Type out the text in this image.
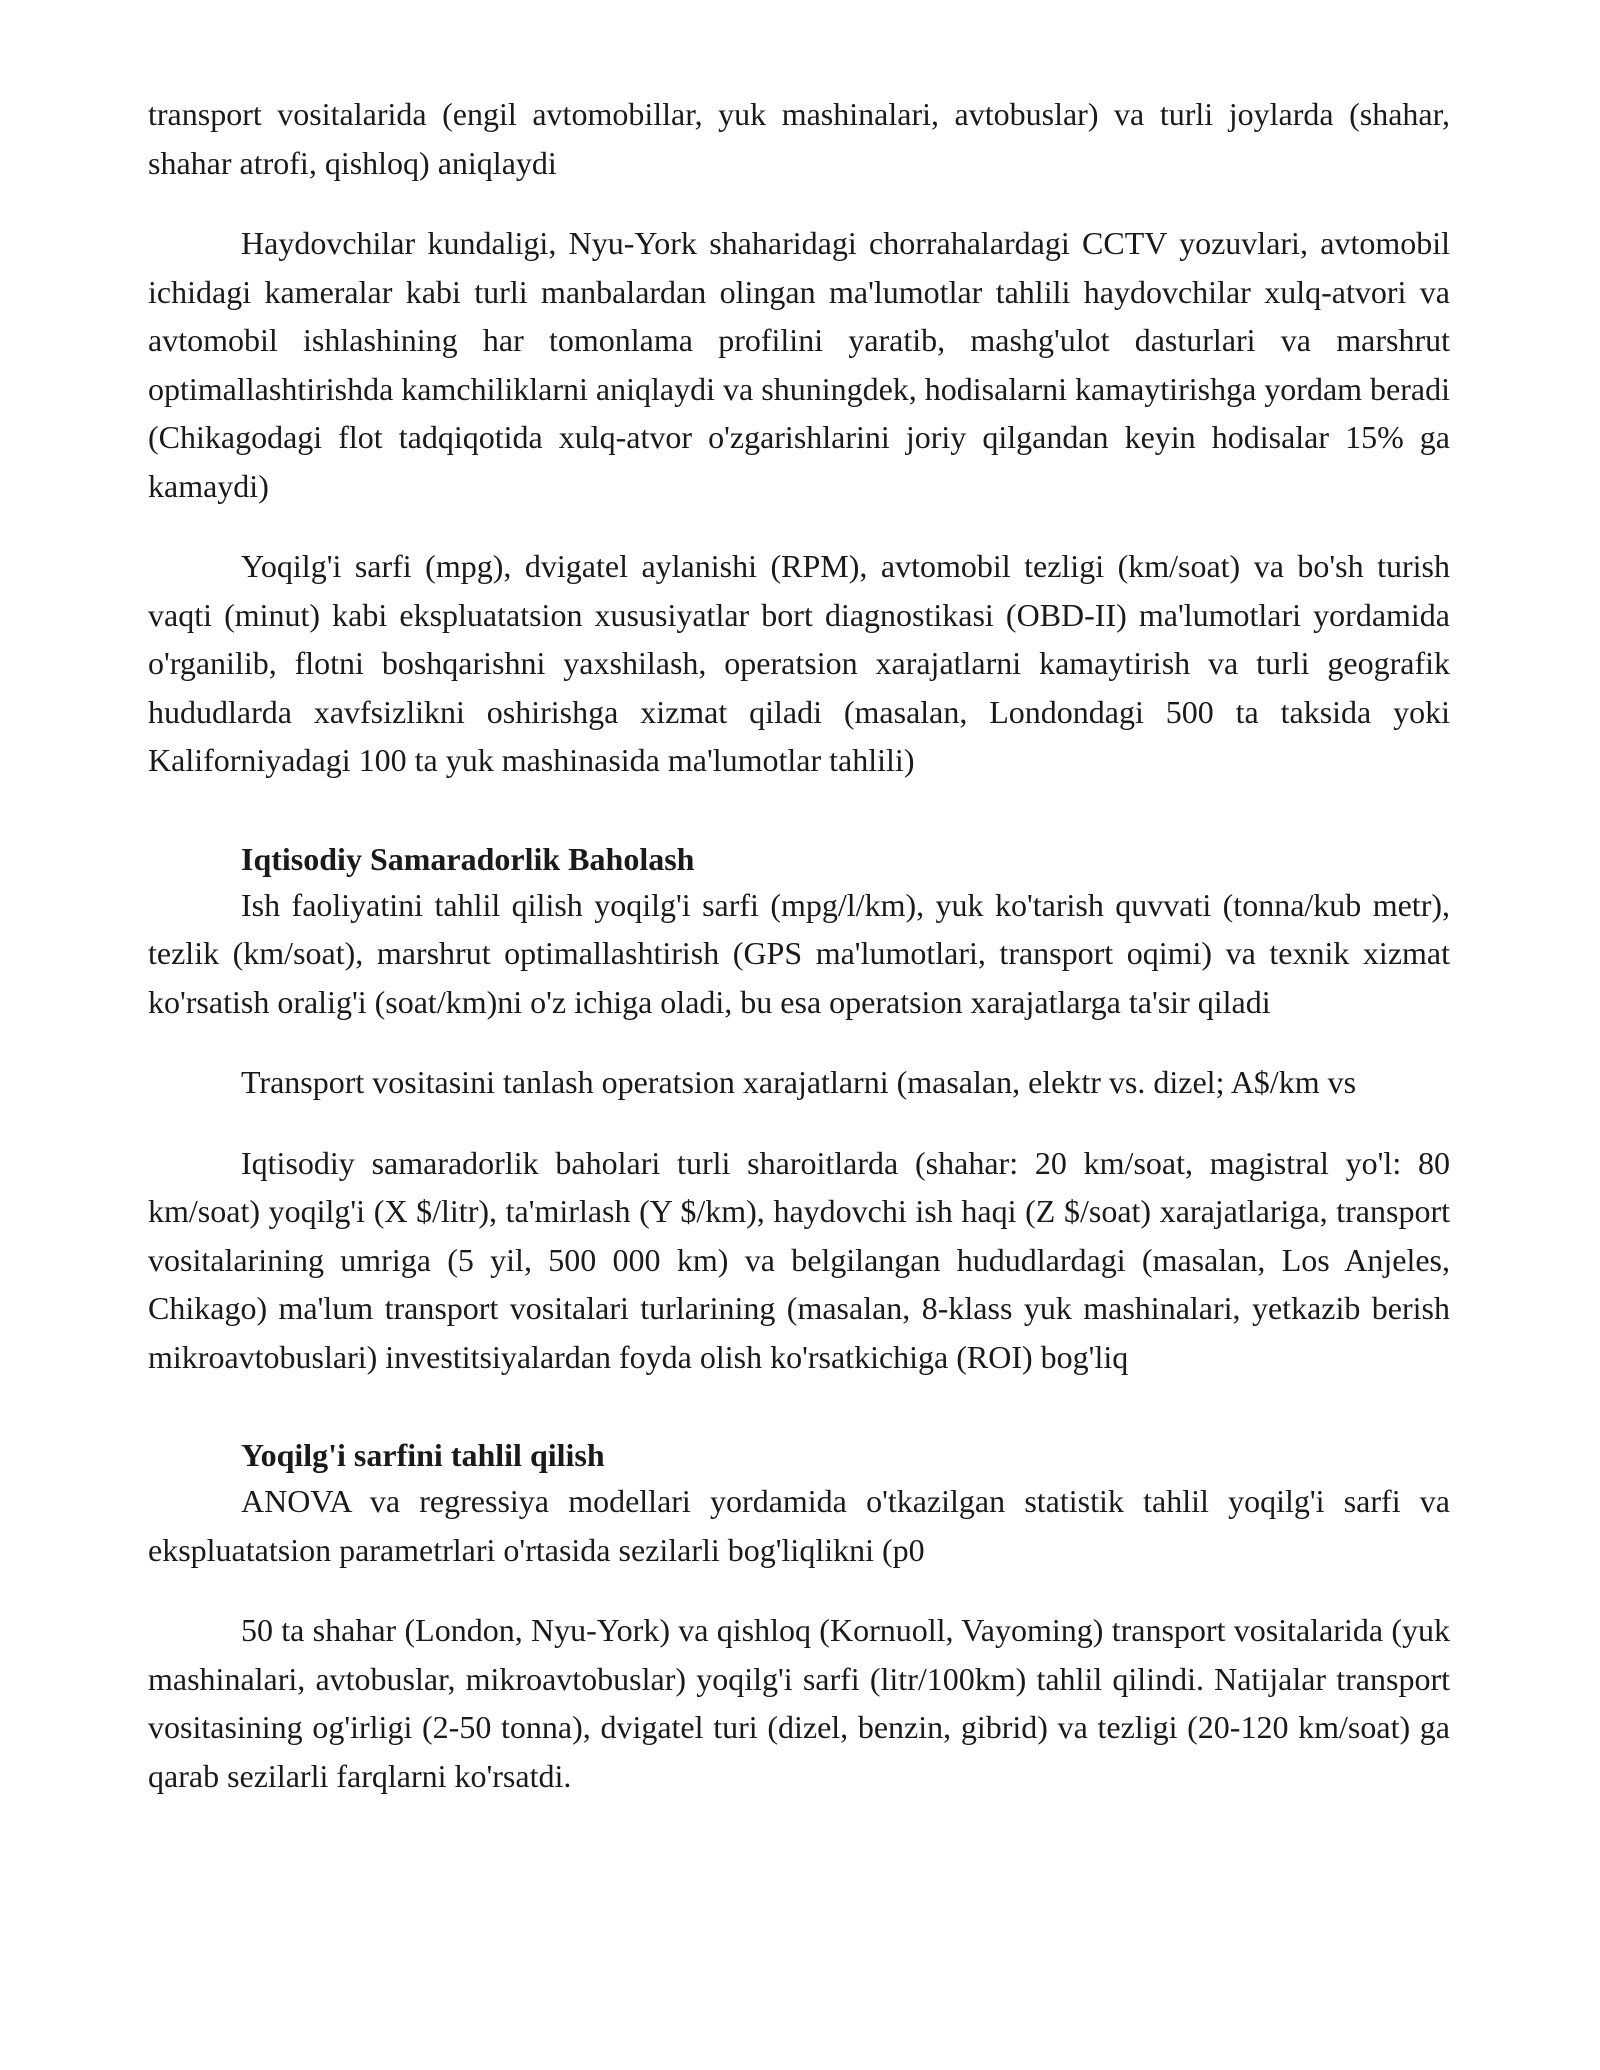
transport vositalarida (engil avtomobillar, yuk mashinalari, avtobuslar) va turli joylarda (shahar, shahar atrofi, qishloq) aniqlaydi

Haydovchilar kundaligi, Nyu-York shaharidagi chorrahalardagi CCTV yozuvlari, avtomobil ichidagi kameralar kabi turli manbalardan olingan ma'lumotlar tahlili haydovchilar xulq-atvori va avtomobil ishlashining har tomonlama profilini yaratib, mashg'ulot dasturlari va marshrut optimallashtirishda kamchiliklarni aniqlaydi va shuningdek, hodisalarni kamaytirishga yordam beradi (Chikagodagi flot tadqiqotida xulq-atvor o'zgarishlarini joriy qilgandan keyin hodisalar 15% ga kamaydi)

Yoqilg'i sarfi (mpg), dvigatel aylanishi (RPM), avtomobil tezligi (km/soat) va bo'sh turish vaqti (minut) kabi ekspluatatsion xususiyatlar bort diagnostikasi (OBD-II) ma'lumotlari yordamida o'rganilib, flotni boshqarishni yaxshilash, operatsion xarajatlarni kamaytirish va turli geografik hududlarda xavfsizlikni oshirishga xizmat qiladi (masalan, Londondagi 500 ta taksida yoki Kaliforniyadagi 100 ta yuk mashinasida ma'lumotlar tahlili)

Iqtisodiy Samaradorlik Baholash

Ish faoliyatini tahlil qilish yoqilg'i sarfi (mpg/l/km), yuk ko'tarish quvvati (tonna/kub metr), tezlik (km/soat), marshrut optimallashtirish (GPS ma'lumotlari, transport oqimi) va texnik xizmat ko'rsatish oralig'i (soat/km)ni o'z ichiga oladi, bu esa operatsion xarajatlarga ta'sir qiladi

Transport vositasini tanlash operatsion xarajatlarni (masalan, elektr vs. dizel; A$/km vs

Iqtisodiy samaradorlik baholari turli sharoitlarda (shahar: 20 km/soat, magistral yo'l: 80 km/soat) yoqilg'i (X $/litr), ta'mirlash (Y $/km), haydovchi ish haqi (Z $/soat) xarajatlariga, transport vositalarining umriga (5 yil, 500 000 km) va belgilangan hududlardagi (masalan, Los Anjeles, Chikago) ma'lum transport vositalari turlarining (masalan, 8-klass yuk mashinalari, yetkazib berish mikroavtobuslari) investitsiyalardan foyda olish ko'rsatkichiga (ROI) bog'liq

Yoqilg'i sarfini tahlil qilish

ANOVA va regressiya modellari yordamida o'tkazilgan statistik tahlil yoqilg'i sarfi va ekspluatatsion parametrlari o'rtasida sezilarli bog'liqlikni (p0

50 ta shahar (London, Nyu-York) va qishloq (Kornuoll, Vayoming) transport vositalarida (yuk mashinalari, avtobuslar, mikroavtobuslar) yoqilg'i sarfi (litr/100km) tahlil qilindi. Natijalar transport vositasining og'irligi (2-50 tonna), dvigatel turi (dizel, benzin, gibrid) va tezligi (20-120 km/soat) ga qarab sezilarli farqlarni ko'rsatdi.
